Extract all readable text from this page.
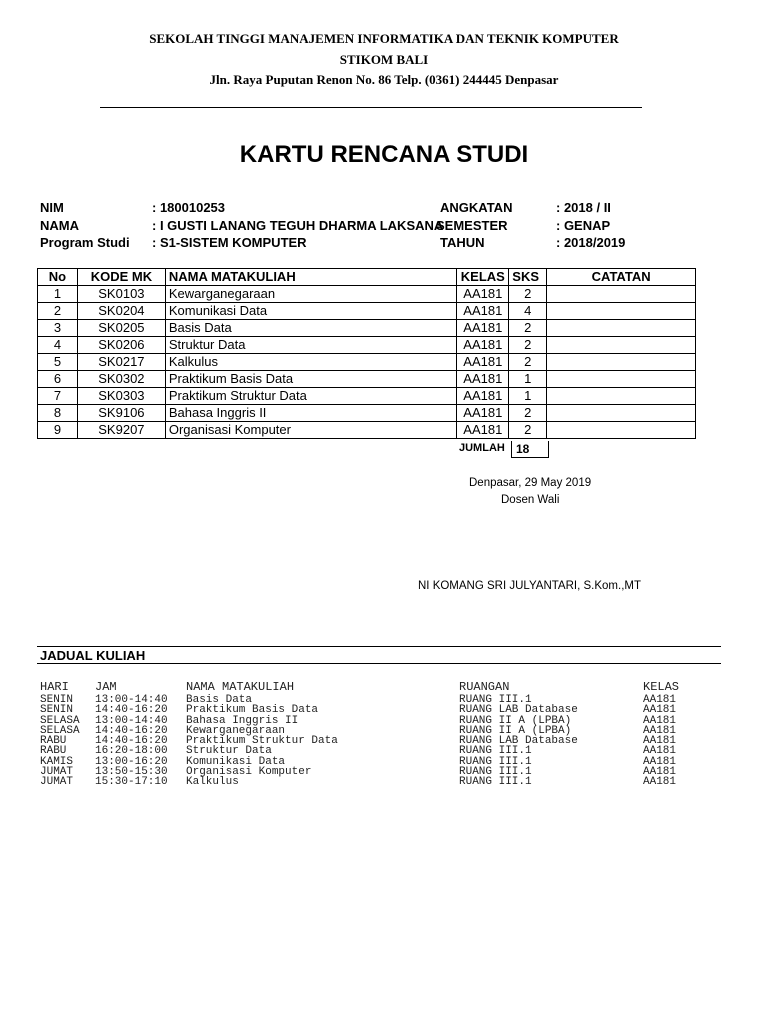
SEKOLAH TINGGI MANAJEMEN INFORMATIKA DAN TEKNIK KOMPUTER
STIKOM BALI
Jln. Raya Puputan Renon No. 86 Telp. (0361) 244445 Denpasar
KARTU RENCANA STUDI
NIM	: 180010253	ANGKATAN	: 2018 / II
NAMA	: I GUSTI LANANG TEGUH DHARMA LAKSANA
SEMESTER	: GENAP
Program Studi : S1-SISTEM KOMPUTER	TAHUN	: 2018/2019
No	KODE MK	NAMA MATAKULIAH	KELAS	SKS	CATATAN
1	SK0103	Kewarganegaraan	AA181	2	
2	SK0204	Komunikasi Data	AA181	4	
3	SK0205	Basis Data	AA181	2	
4	SK0206	Struktur Data	AA181	2	
5	SK0217	Kalkulus	AA181	2	
6	SK0302	Praktikum Basis Data	AA181	1	
7	SK0303	Praktikum Struktur Data	AA181	1	
8	SK9106	Bahasa Inggris II	AA181	2	
9	SK9207	Organisasi Komputer	AA181	2	
JUMLAH 18
Denpasar, 29 May 2019
Dosen Wali
NI KOMANG SRI JULYANTARI, S.Kom.,MT
JADUAL KULIAH
HARI JAM	NAMA MATAKULIAH	RUANGAN	KELAS
SENIN 13:00-14:40 Basis Data	RUANG III.1	AA181
SENIN 14:40-16:20 Praktikum Basis Data	RUANG LAB Database	AA181
SELASA 13:00-14:40 Bahasa Inggris II	RUANG II A (LPBA)	AA181
SELASA 14:40-16:20 Kewarganegaraan	RUANG II A (LPBA)	AA181
RABU	14:40-16:20 Praktikum Struktur Data	RUANG LAB Database	AA181
RABU	16:20-18:00 Struktur Data	RUANG III.1	AA181
KAMIS 13:00-16:20 Komunikasi Data	RUANG III.1	AA181
JUMAT 13:50-15:30 Organisasi Komputer	RUANG III.1	AA181
JUMAT 15:30-17:10 Kalkulus	RUANG III.1	AA181
